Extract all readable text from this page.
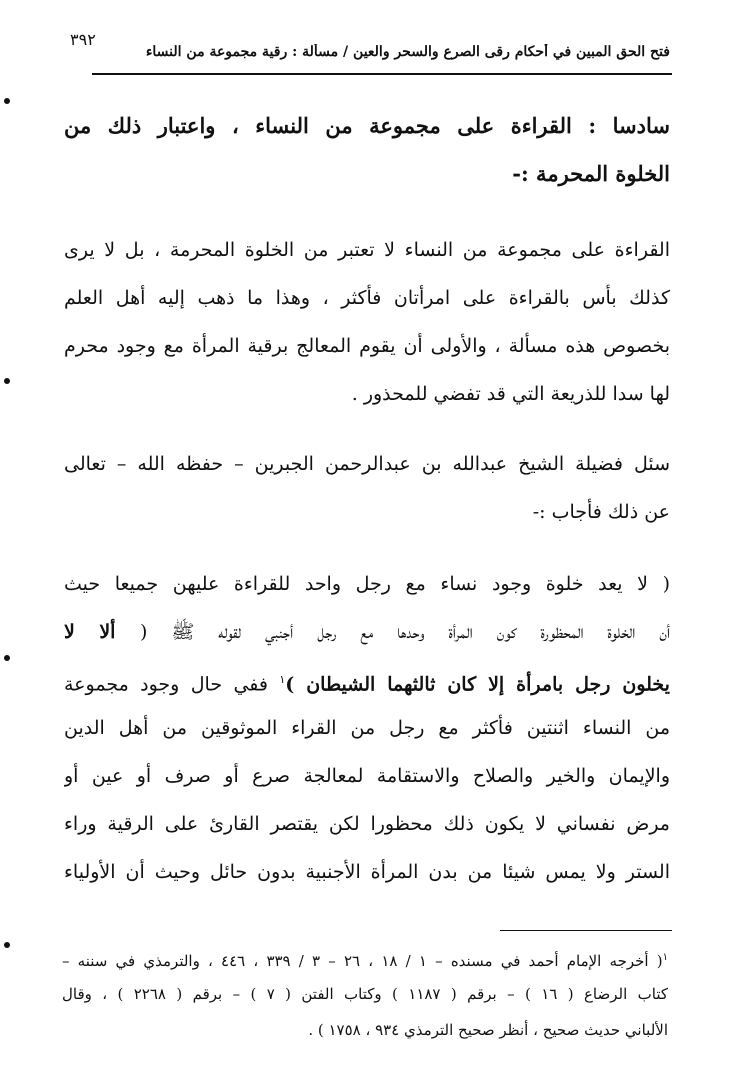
٣٩٢
فتح الحق المبين في أحكام رقى الصرع والسحر والعين / مسألة : رقية مجموعة من النساء
سادسا : القراءة على مجموعة من النساء ، واعتبار ذلك من
الخلوة المحرمة :-
القراءة على مجموعة من النساء لا تعتبر من الخلوة المحرمة ، بل لا يرى
كذلك بأس بالقراءة على امرأتان فأكثر ، وهذا ما ذهب إليه أهل العلم
بخصوص هذه مسألة ، والأولى أن يقوم المعالج برقية المرأة مع وجود محرم
لها سدا للذريعة التي قد تفضي للمحذور .
سئل فضيلة الشيخ عبدالله بن عبدالرحمن الجبرين – حفظه الله – تعالى
عن ذلك فأجاب :-
( لا يعد خلوة وجود نساء مع رجل واحد للقراءة عليهن جميعا حيث
أن الخلوة المحظورة كون المرأة وحدها مع رجل أجنبي لقوله ﷺ ( ألا لا
يخلون رجل بامرأة إلا كان ثالثهما الشيطان )$^١$ ففي حال وجود مجموعة
من النساء اثنتين فأكثر مع رجل من القراء الموثوقين من أهل الدين
والإيمان والخير والصلاح والاستقامة لمعالجة صرع أو صرف أو عين أو
مرض نفساني لا يكون ذلك محظورا لكن يقتصر القارئ على الرقية وراء
الستر ولا يمس شيئا من بدن المرأة الأجنبية بدون حائل وحيث أن الأولياء
$^١$( أخرجه الإمام أحمد في مسنده – ١ / ١٨ ، ٢٦ – ٣ / ٣٣٩ ، ٤٤٦ ، والترمذي في سننه –
كتاب الرضاع ( ١٦ ) – برقم ( ١١٨٧ ) وكتاب الفتن ( ٧ ) – برقم ( ٢٢٦٨ ) ، وقال
الألباني حديث صحيح ، أنظر صحيح الترمذي ٩٣٤ ، ١٧٥٨ ) .
